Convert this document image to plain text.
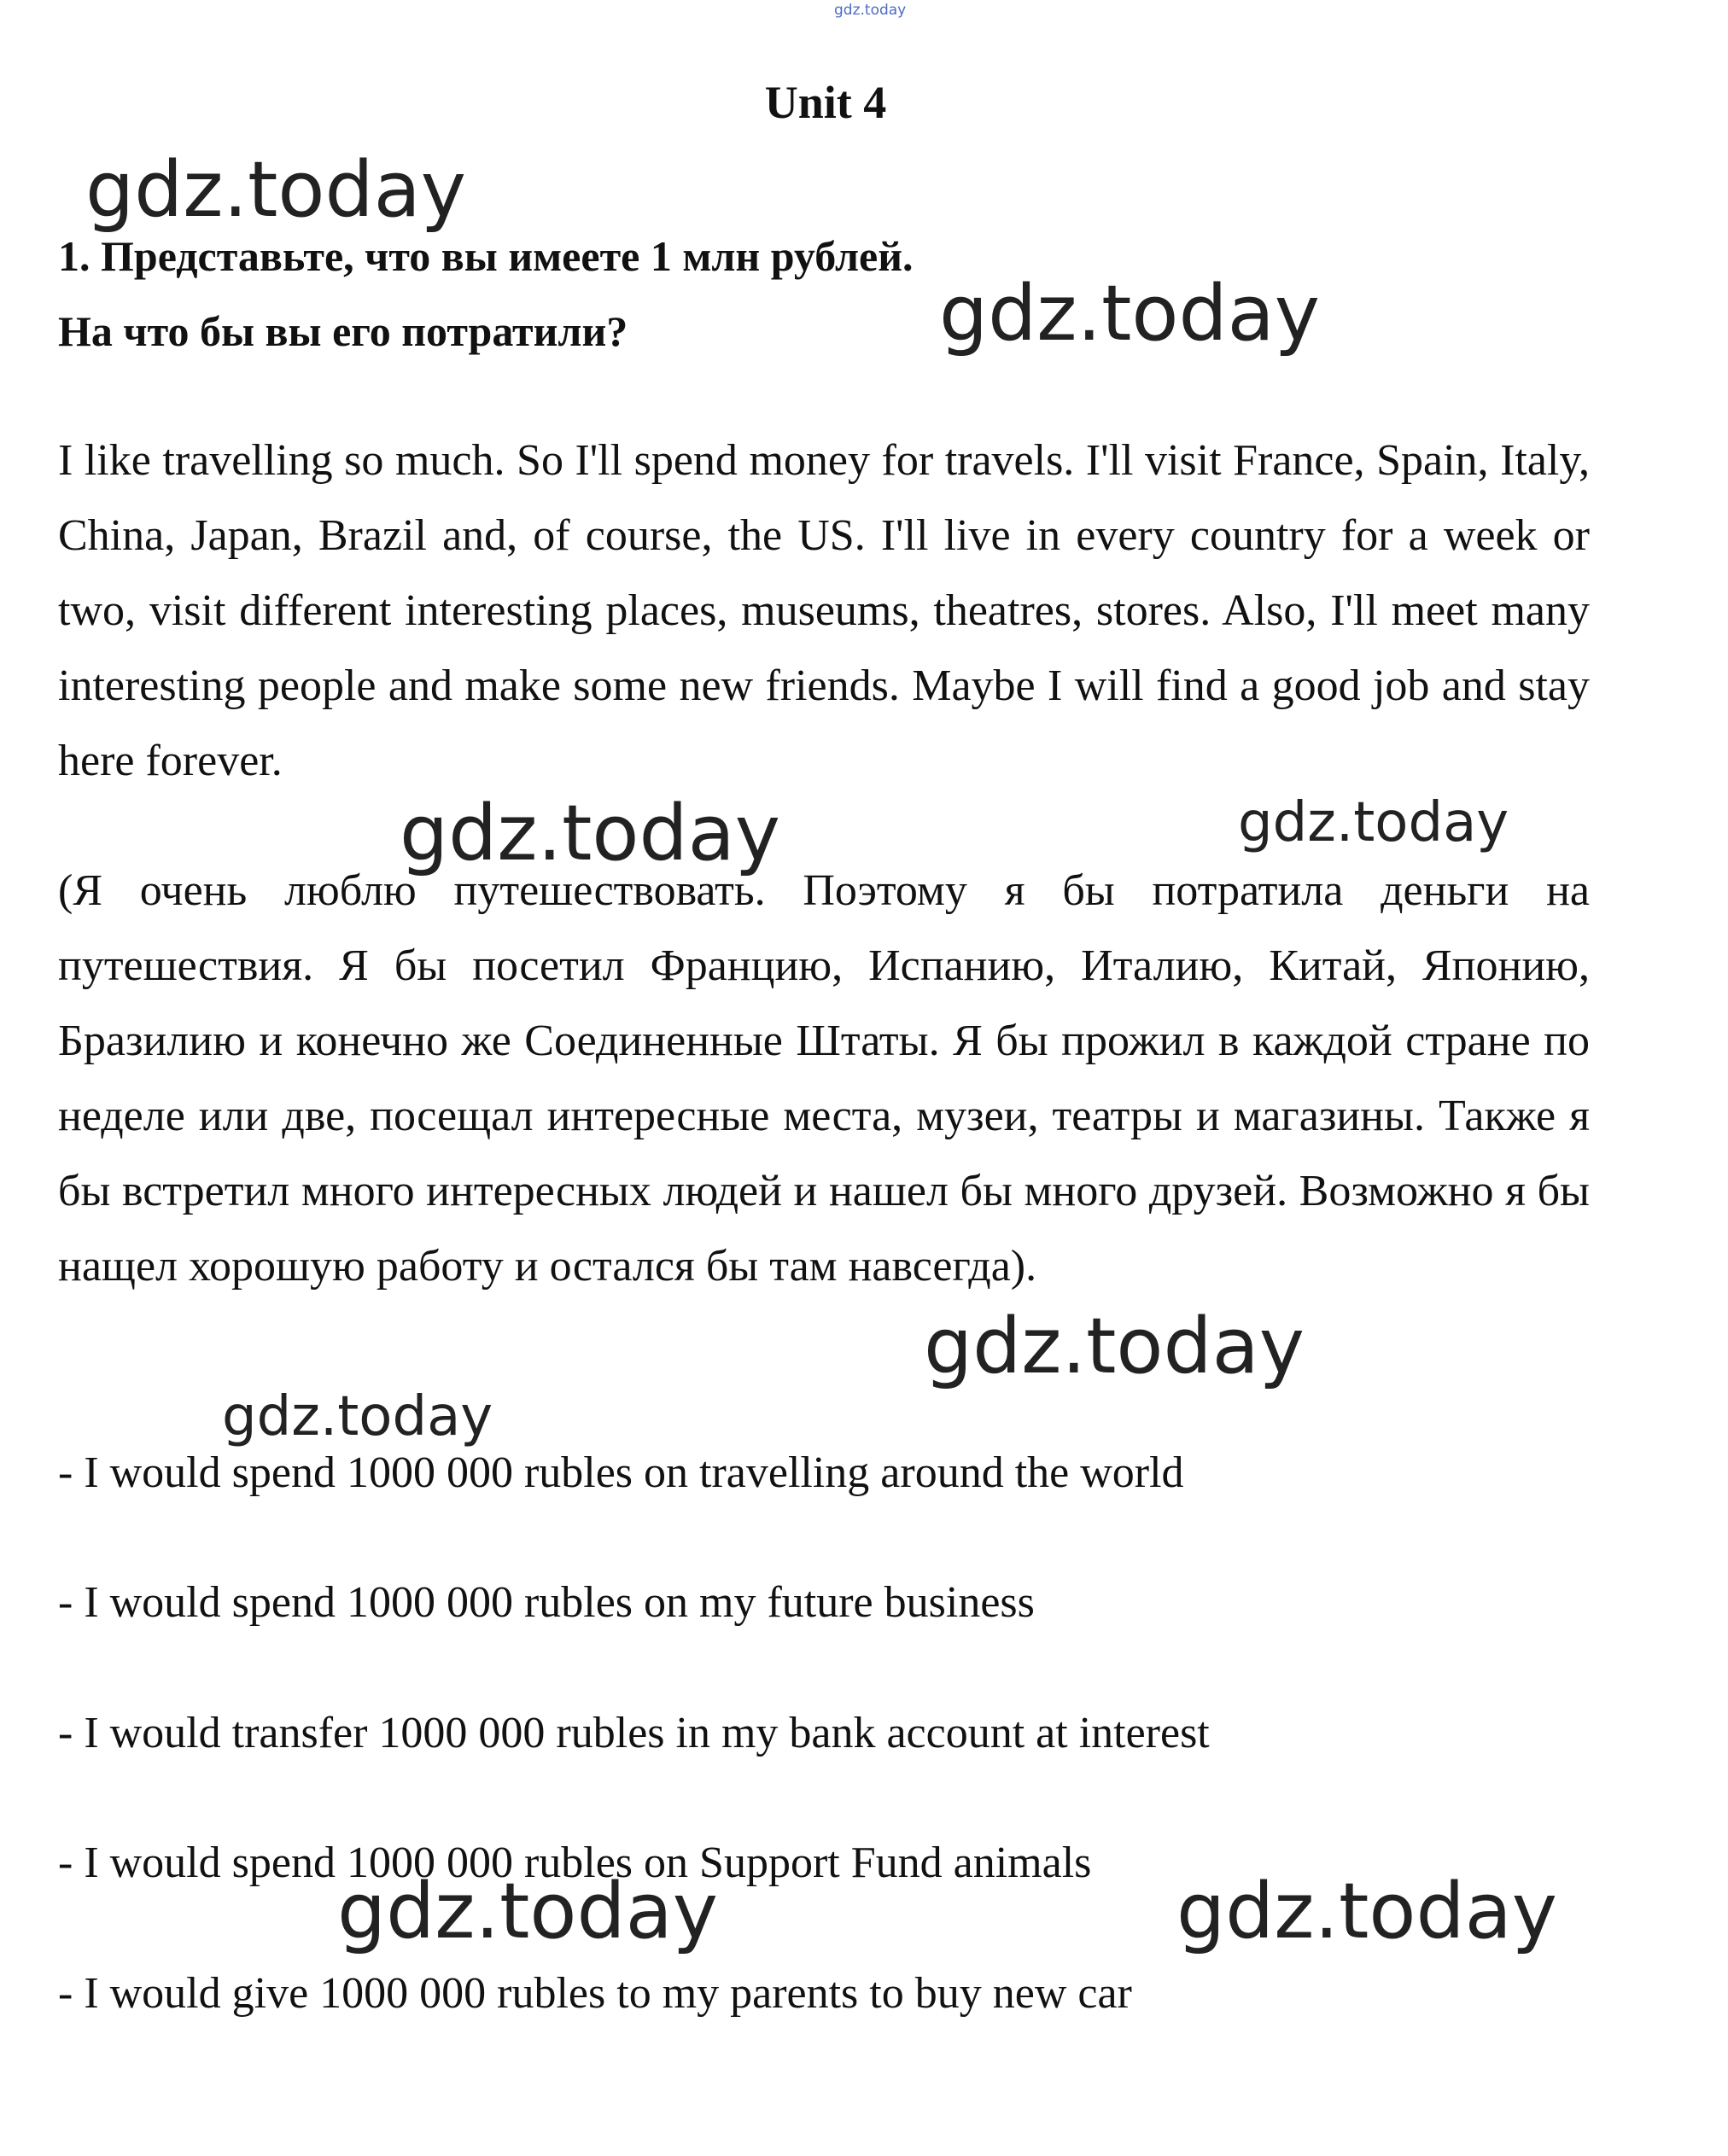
gdz.today
Unit 4
gdz.today
1. Представьте, что вы имеете 1 млн рублей.
На что бы вы его потратили?	gdz.today

I like travelling so much. So I'll spend money for travels. I'll visit France, Spain, Italy, China, Japan, Brazil and, of course, the US. I'll live in every country for a week or two, visit different interesting places, museums, theatres, stores. Also, I'll meet many interesting people and make some new friends. Maybe I will find a good job and stay here forever.

gdz.today	gdz.today

(Я очень люблю путешествовать. Поэтому я бы потратила деньги на путешествия. Я бы посетил Францию, Испанию, Италию, Китай, Японию, Бразилию и конечно же Соединенные Штаты. Я бы прожил в каждой стране по неделе или две, посещал интересные места, музеи, театры и магазины. Также я бы встретил много интересных людей и нашел бы много друзей. Возможно я бы нащел хорошую работу и остался бы там навсегда).

gdz.today
gdz.today
- I would spend 1000 000 rubles on travelling around the world
- I would spend 1000 000 rubles on my future business
- I would transfer 1000 000 rubles in my bank account at interest
- I would spend 1000 000 rubles on Support Fund animals
gdz.today	gdz.today
- I would give 1000 000 rubles to my parents to buy new car
